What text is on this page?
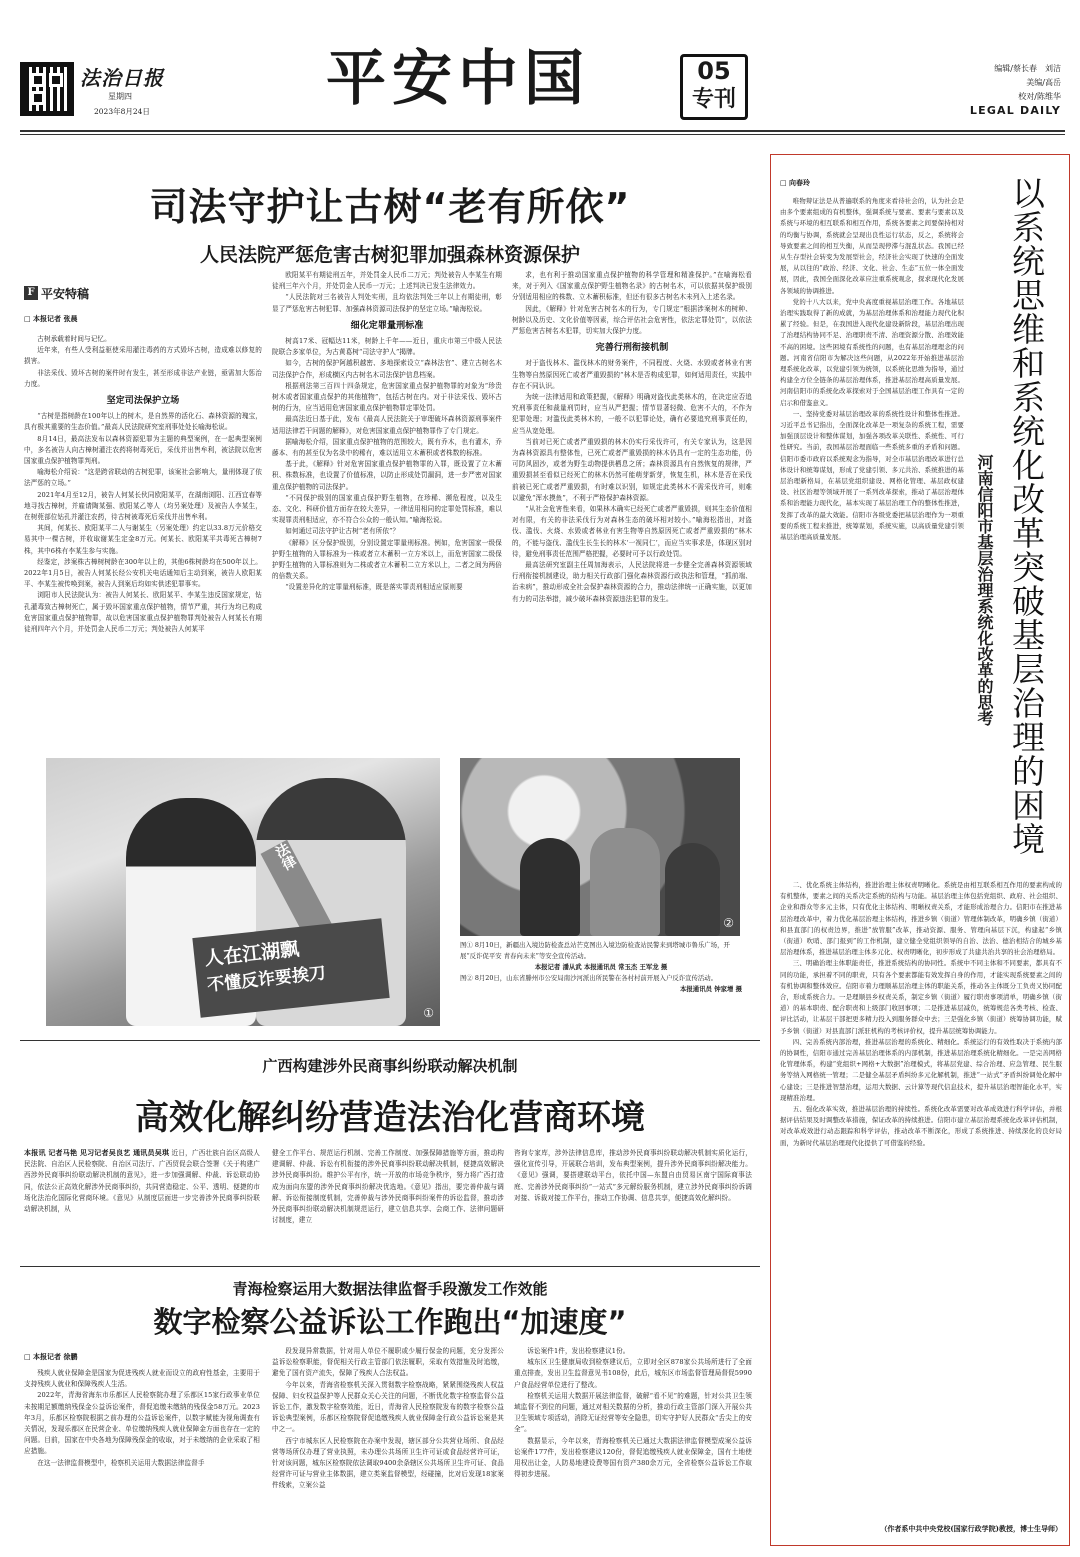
法治日报
星期四
2023年8月24日	平安中国	05
专刊
编辑/蔡长春　刘洁
美编/高岳
校对/陈维华
LEGAL DAILY
司法守护让古树“老有所依”
人民法院严惩危害古树犯罪加强森林资源保护
F 平安特稿
□ 本报记者 张晨

古树承载着时间与记忆。

近年来，有些人受利益驱使采用灌注毒药的方式毁坏古树，造成难以修复的损害。

非法采伐、毁坏古树的案件时有发生，甚至形成非法产业链，亟需加大惩治力度。

坚定司法保护立场

“古树是指树龄在100年以上的树木，是自然界的活化石、森林资源的瑰宝，具有极其重要的生态价值。”最高人民法院研究室刑事处处长喻海松说。

8月14日，最高法发布以森林资源犯罪为主题的典型案例，在一起典型案例中，多名被告人向古樟树灌注农药将树毒死后，采伐并出售牟利，被法院以危害国家重点保护植物罪判刑。

喻海松介绍说：“这是跨省联动的古树犯罪，该案社会影响大，量刑体现了依法严惩的立场。”

2021年4月至12月，被告人何某长伙同欧阳某平，在湖南浏阳、江西宜春等地寻找古樟树，并雇请陶某强、欧阳某乙等人（均另案处理）及被告人李某生，在树蔸部位钻孔并灌注农药，待古树被毒死后采伐并出售牟利。

其间，何某长、欧阳某平二人与谢某生（另案处理）约定以33.8万元价格交易其中一棵古树，并收取谢某生定金8万元。何某长、欧阳某平共毒死古樟树7株，其中6株有李某生参与实施。

经鉴定，涉案株古樟树树龄在300年以上的，其他6株树龄均在500年以上。2022年1月5日，被告人何某长经公安机关电话通知后主动到案，被告人欧阳某平、李某生被传唤到案，被告人到案后均如实供述犯罪事实。

浏阳市人民法院认为：被告人何某长、欧阳某平、李某生违反国家规定，钻孔灌毒致古樟树死亡，属于毁坏国家重点保护植物，情节严重，其行为均已构成危害国家重点保护植物罪，故以危害国家重点保护植物罪判处被告人何某长有期徒刑四年六个月，并处罚金人民币二万元；判处被告人何某平

欧阳某平有期徒刑五年，并处罚金人民币二万元；判处被告人李某生有期徒刑三年六个月，并处罚金人民币一万元；上述判决已发生法律效力。

“人民法院对三名被告人判处实刑，且均依法判处三年以上有期徒刑，彰显了严惩危害古树犯罪、加强森林资源司法保护的坚定立场。”喻海松说。

细化定罪量刑标准

树高17米、冠幅达11米，树龄上千年——近日，重庆市第三中级人民法院联合多家单位，为古黄葛树“司法守护人”揭牌。

如今，古树的保护阿越积越密、多地探索设立“森林法官”、建立古树名木司法保护合作，形成横区内古树名木司法保护信息档案。

根据刑法第三百四十四条规定，危害国家重点保护植物罪的对象为“珍贵树木或者国家重点保护的其他植物”，包括古树在内。对于非法采伐、毁坏古树的行为，应当适用危害国家重点保护植物罪定罪处罚。

最高法近日基于此，发布《最高人民法院关于审理破坏森林资源刑事案件适用法律若干问题的解释》，对危害国家重点保护植物罪作了专门规定。

据喻海松介绍，国家重点保护植物的范围较大，既有乔木，也有灌木，乔藤本、有的甚至仅为名录中的稀有，难以适用立木蓄积或者株数的标准。

基于此，《解释》针对危害国家重点保护植物罪的入罪，既设置了立木蓄积、株数标准，也设置了价值标准，以防止形成处罚漏洞，进一步严密对国家重点保护植物的司法保护。

“不同保护级别的国家重点保护野生植物，在珍稀、濒危程度，以及生态、文化、科研价值方面存在较大差异，一律适用相同的定罪处罚标准，难以实现罪责刑相适应，亦不符合公众的一般认知。”喻海松说。

如何通过司法守护让古树“老有所依”？

《解释》区分保护级别，分别设置定罪量刑标准。例如，危害国家一级保护野生植物的入罪标准为一株或者立木蓄积一立方米以上，而危害国家二级保护野生植物的入罪标准则为二株或者立木蓄积二立方米以上，二者之间为两倍的倍数关系。

“设置差异化的定罪量刑标准，既是落实罪责刑相适应原则要

求，也有利于推动国家重点保护植物的科学管理和精准保护。”在喻海松看来，对于列入《国家重点保护野生植物名录》的古树名木，可以依据其保护级别分别适用相应的株数、立木蓄积标准，但还有很多古树名木未列入上述名录。

因此，《解释》针对危害古树名木的行为，专门规定“根据涉案树木的树种、树龄以及历史、文化价值等因素，综合评估社会危害性，依法定罪处罚”，以依法严惩危害古树名木犯罪，切实加大保护力度。

完善行刑衔接机制

对于盗伐林木、滥伐林木的财务案件，不同程度、火烧、水毁或者林业有害生物等自然原因死亡或者严重毁损的“林木是否构成犯罪，如何适用责任，实践中存在不同认识。

为统一法律适用和政策把握，《解释》明确对盗伐此类林木的，在决定应否追究刑事责任和裁量刑罚时，应当从严把握；情节显著轻微、危害不大的，不作为犯罪处理；对滥伐此类林木的，一般不以犯罪论处，确有必要追究刑事责任的，应当从宽处理。

当前对已死亡或者严重毁损的林木仍实行采伐许可，有关专家认为，这是因为森林资源具有整体性，已死亡或者严重毁损的林木仍具有一定的生态功能，仍可防风固沙，或者为野生动物提供栖息之所；森林资源具有自然恢复的规律，严重毁损甚至看似已经死亡的林木仍然可能萌芽新芽，恢复生机，林木是否在采伐前被已死亡或者严重毁损，有时难以识别，如规定此类林木不需采伐许可，则难以避免“浑水摸鱼”，不利于严格保护森林资源。

“从社会危害性来看，如果林木确实已经死亡或者严重毁损，则其生态价值相对有限，有关的非法采伐行为对森林生态的破坏相对较小。”喻海松指出，对盗伐、滥伐、火烧、水毁或者林业有害生物等自然原因死亡或者严重毁损的“林木的，不能与盗伐、滥伐生长生长的林木‘一视同仁’，而应当实事求是，体现区别对待，避免刑事责任范围严格把握，必要时可予以行政处罚。

最高法研究室副主任周加海表示，人民法院将进一步健全完善森林资源领域行刑衔接机制建设，助力相关行政部门强化森林资源行政执法和管理，“抓前端、治未病”，推动形成全社会保护森林资源的合力，推动法律统一正确实施，以更加有力的司法举措，减少破坏森林资源违法犯罪的发生。

法律
人在江湖飘
不懂反诈要挨刀
①
②
图① 8月10日，新疆出入境边防检查总站芒克图出入境边防检查站民警来到塔城市鲁乐广场，开展“反诈促平安 青春向未来”等安全宣传活动。
本报记者 潘从武 本报通讯员 常玉杰 王军龙 摄
图② 8月20日，山东省滕州市公安局南沙河派出所民警在各村村前开展入户反诈宣传活动。
本报通讯员 钟家增 摄
广西构建涉外民商事纠纷联动解决机制
高效化解纠纷营造法治化营商环境
本报讯 记者马艳 见习记者吴良艺 通讯员吴琪 近日，广西壮族自治区高级人民法院、自治区人民检察院、自治区司法厅、广西贸促会联合签署《关于构建广西涉外民商事纠纷联动解决机制的意见》，进一步加强调解、仲裁、诉讼联动协同，依法公正高效化解涉外民商事纠纷，共同营造稳定、公平、透明、便捷的市场化法治化国际化营商环境。《意见》从制度层面进一步完善涉外民商事纠纷联动解决机制，从
健全工作平台、规范运行机制、完善工作制度、加强保障措施等方面，推动构建调解、仲裁、诉讼有机衔接的涉外民商事纠纷联动解决机制，便捷高效解决涉外民商事纠纷。维护公平有序，统一开放的市场竞争秩序，努力将广西打造成为面向东盟的涉外民商事纠纷解决优选地。《意见》指出，要完善仲裁与调解、诉讼衔接制度机制，完善仲裁与涉外民商事纠纷案件的诉讼监督，推动涉外民商事纠纷联动解决机制规范运行，建立信息共享、会商工作、法律问题研讨制度，建立
咨询专家库，涉外法律信息库，推动涉外民商事纠纷联动解决机制实质化运行，强化宣传引导，开展联合培训，发布典型案例，提升涉外民商事纠纷解决能力。《意见》强调，要搭建联动平台，依托中国—东盟自由贸易区南宁国际商事法庭、完善涉外民商事纠纷“一站式”多元解纷服务机制，建立涉外民商事纠纷诉调对接、诉裁对接工作平台，推动工作协调、信息共享，便捷高效化解纠纷。
青海检察运用大数据法律监督手段激发工作效能
数字检察公益诉讼工作跑出“加速度”
□ 本报记者 徐鹏

残疾人就业保障金是国家为促进残疾人就业而设立的政府性基金，主要用于支持残疾人就业和保障残疾人生活。

2022年，青海省海东市乐都区人民检察院办理了乐都区15家行政事业单位未按期足额缴纳残保金公益诉讼案件，督促追缴未缴纳的残保金58万元。2023年3月，乐都区检察院根据之前办理的公益诉讼案件，以数字赋能为视角调查有关情况，发现乐都区在民营企业、单位缴纳残疾人就业保障金方面也存在一定的问题。目前，国家在中央各地为保障残保金的收取，对于未缴纳的企业采取了相应措施。

在这一法律监督模型中，检察机关运用大数据法律监督手

段发现异常数据，针对用人单位不履职或少履行保金的问题，充分发挥公益诉讼检察职能，督促相关行政主管部门依法履职，采取有效措施及时追缴，避免了国有资产流失，保障了残疾人合法权益。

今年以来，青海省检察机关深入贯彻数字检察战略，紧紧围绕残疾人权益保障、妇女权益保护等人民群众关心关注的问题，不断优化数字检察监督公益诉讼工作，激发数字检察效能，近日，青海省人民检察院发布的数字检察公益诉讼典型案例，乐都区检察院督促追缴残疾人就业保障金行政公益诉讼案是其中之一。

西宁市城东区人民检察院在办案中发现，辖区部分公共营业场所、食品经营等场所仅办理了营业执照，未办理公共场所卫生许可证或食品经营许可证，针对该问题，城东区检察院依法调取9400余条辖区公共场所卫生许可证、食品经营许可证与营业主体数据，建立类案监督模型，经碰撞，比对后发现18家案件线索，立案公益

诉讼案件1件，发出检察建议1份。

城东区卫生健康局收到检察建议后，立即对全区878家公共场所进行了全面重点排查，发出卫生监督意见书108份，此后，城东区市场监督管理局督促5990户食品经营单位进行了整改。

检察机关运用大数据开展法律监督，破解“看不见”的难题，针对公共卫生领域监督不到位的问题，通过对相关数据的分析，推动行政主管部门深入开展公共卫生领域专项活动，消除无证经营等安全隐患，切实守护好人民群众“舌尖上的安全”。

数据显示，今年以来，青海检察机关已通过大数据法律监督模型成案公益诉讼案件177件，发出检察建议120份，督促追缴残疾人就业保障金，国有土地使用权出让金，人防易地建设费等国有资产380余万元，全省检察公益诉讼工作取得初步进展。

□ 向春玲	以系统思维和系统化改革突破基层治理的困境
河南信阳市基层治理系统化改革的思考

唯物辩证法是从普遍联系的角度来看待社会的，认为社会是由多个要素组成的有机整体，强调系统与要素、要素与要素以及系统与环境的相互联系和相互作用，系统各要素之间要保持相对的均衡与协调，系统就会呈现出良性运行状态，反之，系统将会导致要素之间的相互失衡，从而呈现停滞与混乱状态。我国已经从生存型社会转变为发展型社会，经济社会实现了快速的全面发展，从以往的“政治、经济、文化、社会、生态”五位一体全面发展，因此，我国全面深化改革应注重系统观念，探求现代化发展各领域的协调推进。

党的十八大以来，党中央高度重视基层治理工作。各地基层治理实践取得了新的成就，为基层治理体系和治理能力现代化积累了经验。但是，在我国进入现代化建设新阶段，基层治理出现了治理结构协同不足、治理职责不清、治理资源分散、治理效能不高的困境。这些困境有系统性的问题，也有基层治理理念的问题。河南省信阳市为解决这些问题，从2022年开始推进基层治理系统化改革，以党建引领为统领，以系统化思维为指导，通过构建全方位全链条的基层治理体系，推进基层治理高质量发展。河南信阳市的系统化改革探索对于全国基层治理工作具有一定的启示和借鉴意义。

一、坚持党委对基层治理改革的系统性设计和整体性推进。习近平总书记指出，全面深化改革是一项复杂的系统工程，需要加强顶层设计和整体谋划，加强各项改革关联性、系统性、可行性研究。当前，我国基层治理面临一些系统多重的矛盾和问题。信阳市委市政府以系统观念为指导，对全市基层治理改革进行总体设计和统筹谋划，形成了党建引领、多元共治、系统推进的基层治理新格局，在基层党组织建设、网格化管理、基层政权建设、社区治理等领域开展了一系列改革探索，推动了基层治理体系和治理能力现代化，基本实现了基层治理工作的整体性推进，发挥了改革的最大效能。信阳市各级党委把基层治理作为一项重要的系统工程来推进，统筹谋划，系统实施，以高质量党建引领基层治理高质量发展。

二、优化系统主体结构，推进治理主体权责明晰化。系统是由相互联系相互作用的要素构成的有机整体，要素之间的关系决定系统的结构与功能。基层治理主体包括党组织、政府、社会组织、企业和群众等多元主体，只有优化主体结构、明晰权责关系，才能形成治理合力。信阳市在推进基层治理改革中，着力优化基层治理主体结构，推进乡镇（街道）管理体制改革，明确乡镇（街道）和县直部门的权责边界，推进“放管服”改革，推动资源、服务、管理向基层下沉，构建起“乡镇（街道）吹哨、部门报到”的工作机制，建立健全党组织领导的自治、法治、德治相结合的城乡基层治理体系，推进基层治理主体多元化、权责明晰化，初步形成了共建共治共享的社会治理格局。

三、明确治理主体职能责任，推进系统结构的协同性。系统中不同主体和不同要素，都具有不同的功能，承担着不同的职责，只有各个要素都能有效发挥自身的作用，才能实现系统要素之间的有机协调和整体效应。信阳市着力理顺基层治理主体的职能关系，推动各主体既分工负责又协同配合，形成系统合力。一是理顺县乡权责关系，制定乡镇（街道）履行职责事项清单，明确乡镇（街道）的基本职责、配合职责和上级部门收回事项；二是推进基层减负，统筹规范各类考核、检查、评比活动，让基层干部把更多精力投入到服务群众中去；三是强化乡镇（街道）统筹协调功能，赋予乡镇（街道）对县直部门派驻机构的考核评价权，提升基层统筹协调能力。

四、完善系统内部治理，推进基层治理的系统化、精细化。系统运行的有效性取决于系统内部的协调性，信阳市通过完善基层治理体系的内部机制，推进基层治理系统化精细化。一是完善网格化管理体系，构建“党组织+网格+大数据”治理模式，将基层党建、综合治理、应急管理、民生服务等纳入网格统一管理；二是健全基层矛盾纠纷多元化解机制，推进“一站式”矛盾纠纷调处化解中心建设；三是推进智慧治理，运用大数据、云计算等现代信息技术，提升基层治理智能化水平，实现精准治理。

五、强化改革实效，推进基层治理的持续性。系统化改革需要对改革成效进行科学评估，并根据评估结果及时调整改革措施，保证改革的持续推进。信阳市建立基层治理系统化改革评估机制，对改革成效进行动态跟踪和科学评估，推动改革不断深化，形成了系统推进、持续深化的良好局面，为新时代基层治理现代化提供了可借鉴的经验。

（作者系中共中央党校(国家行政学院)教授，博士生导师）
